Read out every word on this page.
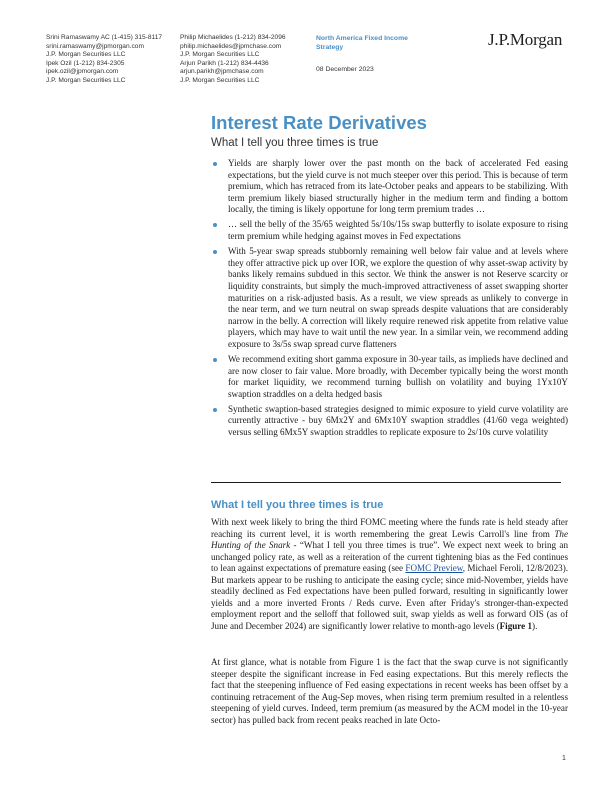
Srini Ramaswamy AC (1-415) 315-8117
srini.ramaswamy@jpmorgan.com
J.P. Morgan Securities LLC
Ipek Ozil (1-212) 834-2305
ipek.ozil@jpmorgan.com
J.P. Morgan Securities LLC
Philip Michaelides (1-212) 834-2096
philip.michaelides@jpmchase.com
J.P. Morgan Securities LLC
Arjun Parikh (1-212) 834-4436
arjun.parikh@jpmchase.com
J.P. Morgan Securities LLC
North America Fixed Income Strategy
08 December 2023
J.P.Morgan
Interest Rate Derivatives
What I tell you three times is true
Yields are sharply lower over the past month on the back of accelerated Fed easing expectations, but the yield curve is not much steeper over this period. This is because of term premium, which has retraced from its late-October peaks and appears to be stabilizing. With term premium likely biased structurally higher in the medium term and finding a bottom locally, the timing is likely opportune for long term premium trades …
… sell the belly of the 35/65 weighted 5s/10s/15s swap butterfly to isolate exposure to rising term premium while hedging against moves in Fed expectations
With 5-year swap spreads stubbornly remaining well below fair value and at levels where they offer attractive pick up over IOR, we explore the question of why asset-swap activity by banks likely remains subdued in this sector. We think the answer is not Reserve scarcity or liquidity constraints, but simply the much-improved attractiveness of asset swapping shorter maturities on a risk-adjusted basis. As a result, we view spreads as unlikely to converge in the near term, and we turn neutral on swap spreads despite valuations that are considerably narrow in the belly. A correction will likely require renewed risk appetite from relative value players, which may have to wait until the new year. In a similar vein, we recommend adding exposure to 3s/5s swap spread curve flatteners
We recommend exiting short gamma exposure in 30-year tails, as implieds have declined and are now closer to fair value. More broadly, with December typically being the worst month for market liquidity, we recommend turning bullish on volatility and buying 1Yx10Y swaption straddles on a delta hedged basis
Synthetic swaption-based strategies designed to mimic exposure to yield curve volatility are currently attractive - buy 6Mx2Y and 6Mx10Y swaption straddles (41/60 vega weighted) versus selling 6Mx5Y swaption straddles to replicate exposure to 2s/10s curve volatility
What I tell you three times is true

With next week likely to bring the third FOMC meeting where the funds rate is held steady after reaching its current level, it is worth remembering the great Lewis Carroll's line from The Hunting of the Snark - “What I tell you three times is true”. We expect next week to bring an unchanged policy rate, as well as a reiteration of the current tightening bias as the Fed continues to lean against expectations of premature easing (see FOMC Preview, Michael Feroli, 12/8/2023). But markets appear to be rushing to anticipate the easing cycle; since mid-November, yields have steadily declined as Fed expectations have been pulled forward, resulting in significantly lower yields and a more inverted Fronts / Reds curve. Even after Friday's stronger-than-expected employment report and the selloff that followed suit, swap yields as well as forward OIS (as of June and December 2024) are significantly lower relative to month-ago levels (Figure 1).

At first glance, what is notable from Figure 1 is the fact that the swap curve is not significantly steeper despite the significant increase in Fed easing expectations. But this merely reflects the fact that the steepening influence of Fed easing expectations in recent weeks has been offset by a continuing retracement of the Aug-Sep moves, when rising term premium resulted in a relentless steepening of yield curves. Indeed, term premium (as measured by the ACM model in the 10-year sector) has pulled back from recent peaks reached in late Octo-

1
